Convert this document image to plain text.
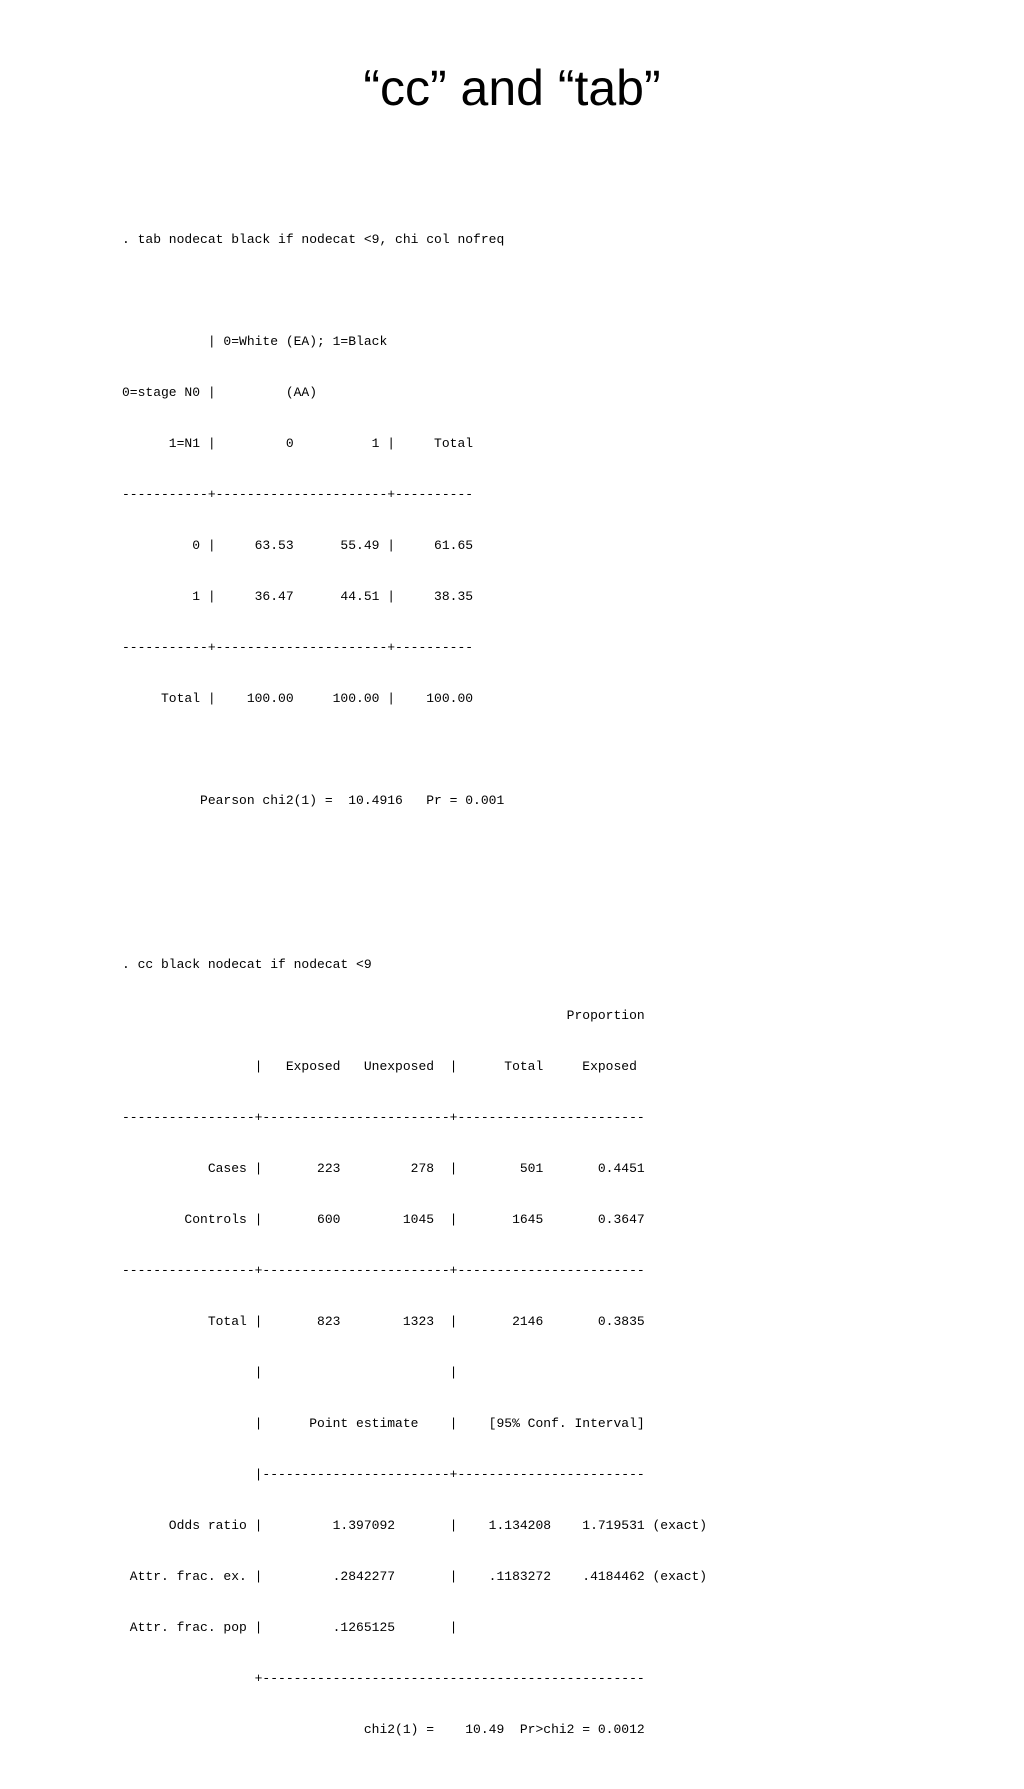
“cc” and “tab”

. tab nodecat black if nodecat <9, chi col nofreq

| 0=White (EA); 1=Black

0=stage N0 |         (AA)

1=N1 |         0          1 |     Total

-----------+----------------------+----------

0 |     63.53      55.49 |     61.65

1 |     36.47      44.51 |     38.35

-----------+----------------------+----------

Total |    100.00     100.00 |    100.00

Pearson chi2(1) =  10.4916   Pr = 0.001

. cc black nodecat if nodecat <9

Proportion

|   Exposed   Unexposed  |      Total     Exposed

-----------------+------------------------+------------------------

Cases |       223         278  |        501       0.4451

Controls |       600        1045  |       1645       0.3647

-----------------+------------------------+------------------------

Total |       823        1323  |       2146       0.3835

|                        |

|      Point estimate    |    [95% Conf. Interval]

|------------------------+------------------------

Odds ratio |         1.397092       |    1.134208    1.719531 (exact)

Attr. frac. ex. |         .2842277       |    .1183272    .4184462 (exact)

Attr. frac. pop |         .1265125       |

+-------------------------------------------------

chi2(1) =    10.49  Pr>chi2 = 0.0012
